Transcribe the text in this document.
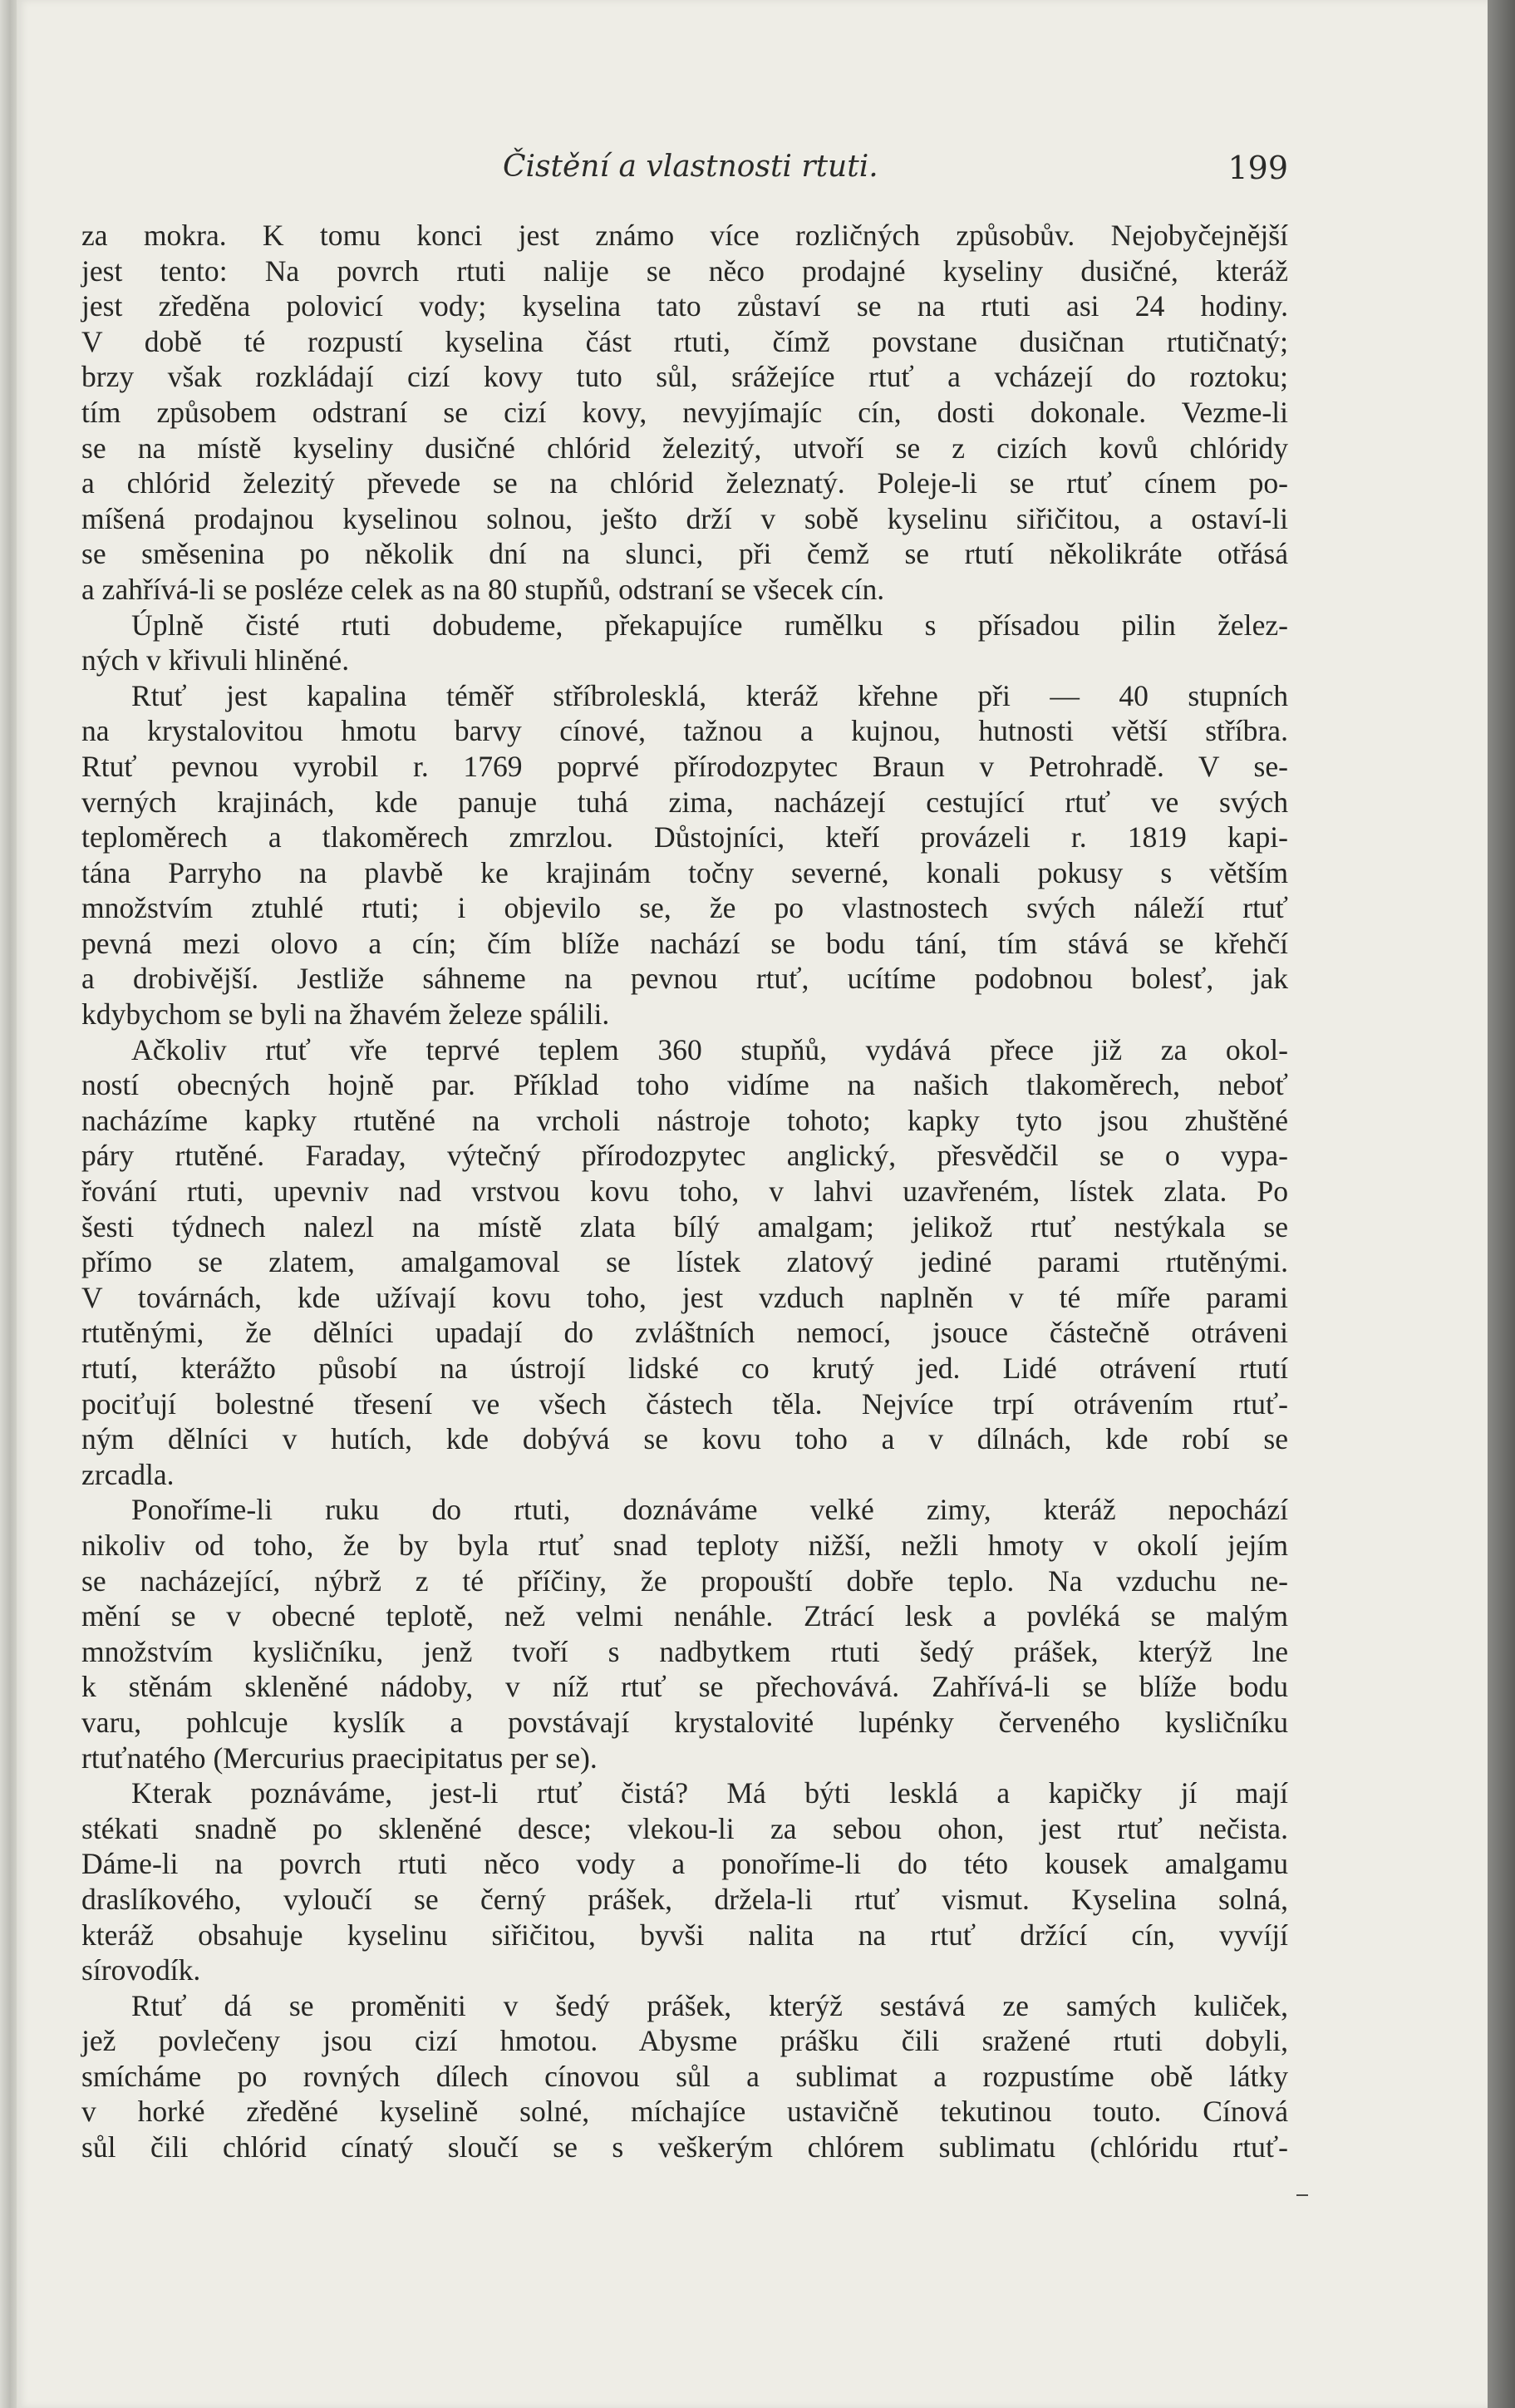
Čistění a vlastnosti rtuti.	199

za mokra. K tomu konci jest známo více rozličných způsobův. Nejobyčejnější

jest tento: Na povrch rtuti nalije se něco prodajné kyseliny dusičné, kteráž

jest zředěna polovicí vody; kyselina tato zůstaví se na rtuti asi 24 hodiny.

V době té rozpustí kyselina část rtuti, čímž povstane dusičnan rtutičnatý;

brzy však rozkládají cizí kovy tuto sůl, srážejíce rtuť a vcházejí do roztoku;

tím způsobem odstraní se cizí kovy, nevyjímajíc cín, dosti dokonale. Vezme-li

se na místě kyseliny dusičné chlórid železitý, utvoří se z cizích kovů chlóridy

a chlórid železitý převede se na chlórid železnatý. Poleje-li se rtuť cínem po-

míšená prodajnou kyselinou solnou, ješto drží v sobě kyselinu siřičitou, a ostaví-li

se směsenina po několik dní na slunci, při čemž se rtutí několikráte otřásá

a zahřívá-li se posléze celek as na 80 stupňů, odstraní se všecek cín.

Úplně čisté rtuti dobudeme, překapujíce rumělku s přísadou pilin želez-

ných v křivuli hliněné.

Rtuť jest kapalina téměř stříbrolesklá, kteráž křehne při — 40 stupních

na krystalovitou hmotu barvy cínové, tažnou a kujnou, hutnosti větší stříbra.

Rtuť pevnou vyrobil r. 1769 poprvé přírodozpytec Braun v Petrohradě. V se-

verných krajinách, kde panuje tuhá zima, nacházejí cestující rtuť ve svých

teploměrech a tlakoměrech zmrzlou. Důstojníci, kteří provázeli r. 1819 kapi-

tána Parryho na plavbě ke krajinám točny severné, konali pokusy s větším

množstvím ztuhlé rtuti; i objevilo se, že po vlastnostech svých náleží rtuť

pevná mezi olovo a cín; čím blíže nachází se bodu tání, tím stává se křehčí

a drobivější. Jestliže sáhneme na pevnou rtuť, ucítíme podobnou bolesť, jak

kdybychom se byli na žhavém železe spálili.

Ačkoliv rtuť vře teprvé teplem 360 stupňů, vydává přece již za okol-

ností obecných hojně par. Příklad toho vidíme na našich tlakoměrech, neboť

nacházíme kapky rtutěné na vrcholi nástroje tohoto; kapky tyto jsou zhuštěné

páry rtutěné. Faraday, výtečný přírodozpytec anglický, přesvědčil se o vypa-

řování rtuti, upevniv nad vrstvou kovu toho, v lahvi uzavřeném, lístek zlata. Po

šesti týdnech nalezl na místě zlata bílý amalgam; jelikož rtuť nestýkala se

přímo se zlatem, amalgamoval se lístek zlatový jediné parami rtutěnými.

V továrnách, kde užívají kovu toho, jest vzduch naplněn v té míře parami

rtutěnými, že dělníci upadají do zvláštních nemocí, jsouce částečně otráveni

rtutí, kterážto působí na ústrojí lidské co krutý jed. Lidé otrávení rtutí

pociťují bolestné třesení ve všech částech těla. Nejvíce trpí otrávením rtuť-

ným dělníci v hutích, kde dobývá se kovu toho a v dílnách, kde robí se

zrcadla.

Ponoříme-li ruku do rtuti, doznáváme velké zimy, kteráž nepochází

nikoliv od toho, že by byla rtuť snad teploty nižší, nežli hmoty v okolí jejím

se nacházející, nýbrž z té příčiny, že propouští dobře teplo. Na vzduchu ne-

mění se v obecné teplotě, než velmi nenáhle. Ztrácí lesk a povléká se malým

množstvím kysličníku, jenž tvoří s nadbytkem rtuti šedý prášek, kterýž lne

k stěnám skleněné nádoby, v níž rtuť se přechovává. Zahřívá-li se blíže bodu

varu, pohlcuje kyslík a povstávají krystalovité lupénky červeného kysličníku

rtuťnatého (Mercurius praecipitatus per se).

Kterak poznáváme, jest-li rtuť čistá? Má býti lesklá a kapičky jí mají

stékati snadně po skleněné desce; vlekou-li za sebou ohon, jest rtuť nečista.

Dáme-li na povrch rtuti něco vody a ponoříme-li do této kousek amalgamu

draslíkového, vyloučí se černý prášek, držela-li rtuť vismut. Kyselina solná,

kteráž obsahuje kyselinu siřičitou, byvši nalita na rtuť držící cín, vyvíjí

sírovodík.

Rtuť dá se proměniti v šedý prášek, kterýž sestává ze samých kuliček,

jež povlečeny jsou cizí hmotou. Abysme prášku čili sražené rtuti dobyli,

smícháme po rovných dílech cínovou sůl a sublimat a rozpustíme obě látky

v horké zředěné kyselině solné, míchajíce ustavičně tekutinou touto. Cínová

sůl čili chlórid cínatý sloučí se s veškerým chlórem sublimatu (chlóridu rtuť-
